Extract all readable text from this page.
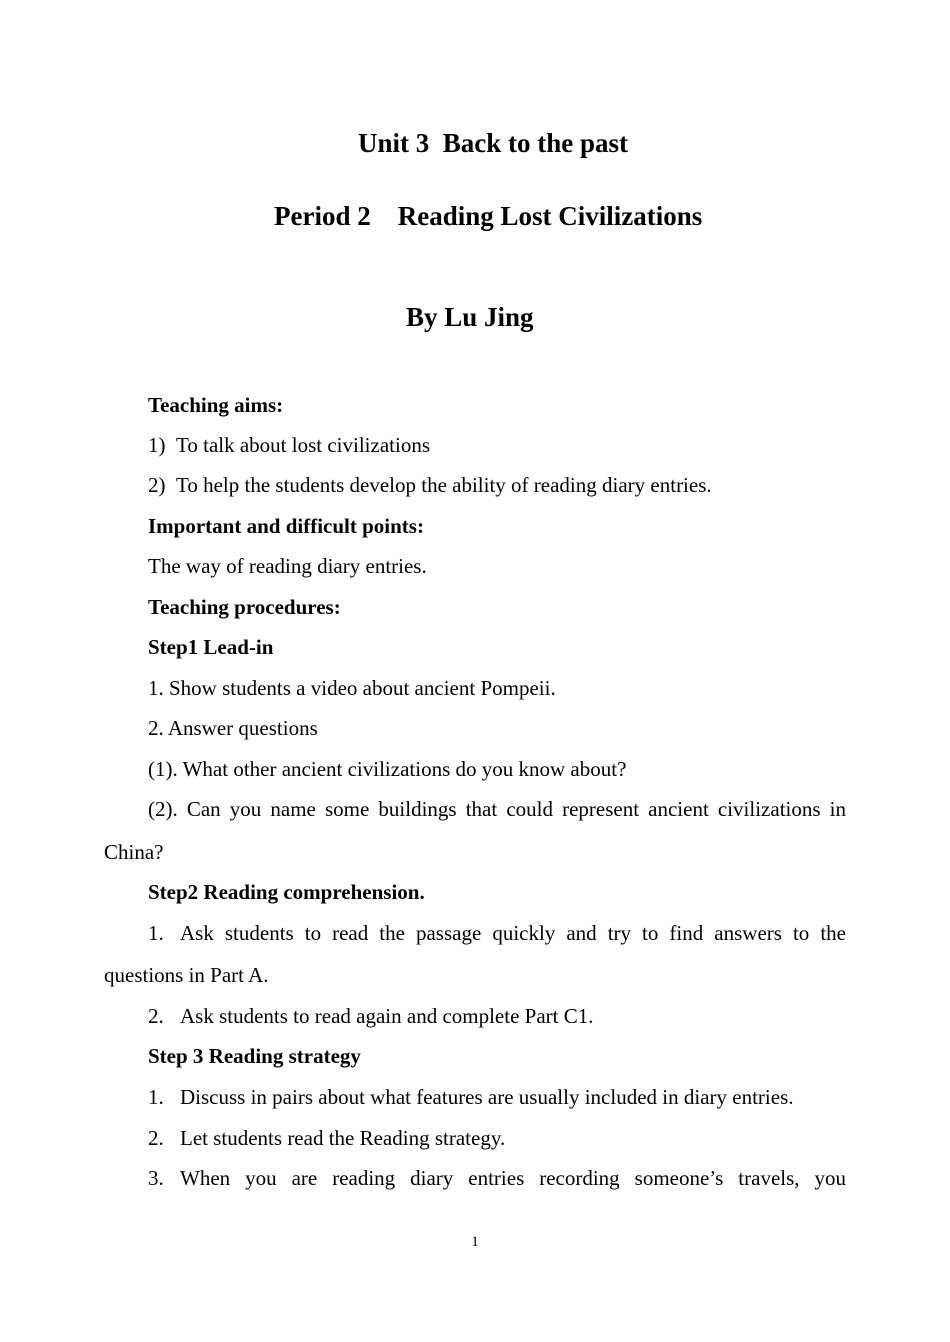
Unit 3  Back to the past
Period 2    Reading Lost Civilizations
By Lu Jing
Teaching aims:
1) To talk about lost civilizations
2) To help the students develop the ability of reading diary entries.
Important and difficult points:
The way of reading diary entries.
Teaching procedures:
Step1 Lead-in
1. Show students a video about ancient Pompeii.
2. Answer questions
(1). What other ancient civilizations do you know about?
(2). Can you name some buildings that could represent ancient civilizations in
China?
Step2 Reading comprehension.
1. Ask students to read the passage quickly and try to find answers to the
questions in Part A.
2. Ask students to read again and complete Part C1.
Step 3 Reading strategy
1. Discuss in pairs about what features are usually included in diary entries.
2. Let students read the Reading strategy.
3. When you are reading diary entries recording someone’s travels, you
1
